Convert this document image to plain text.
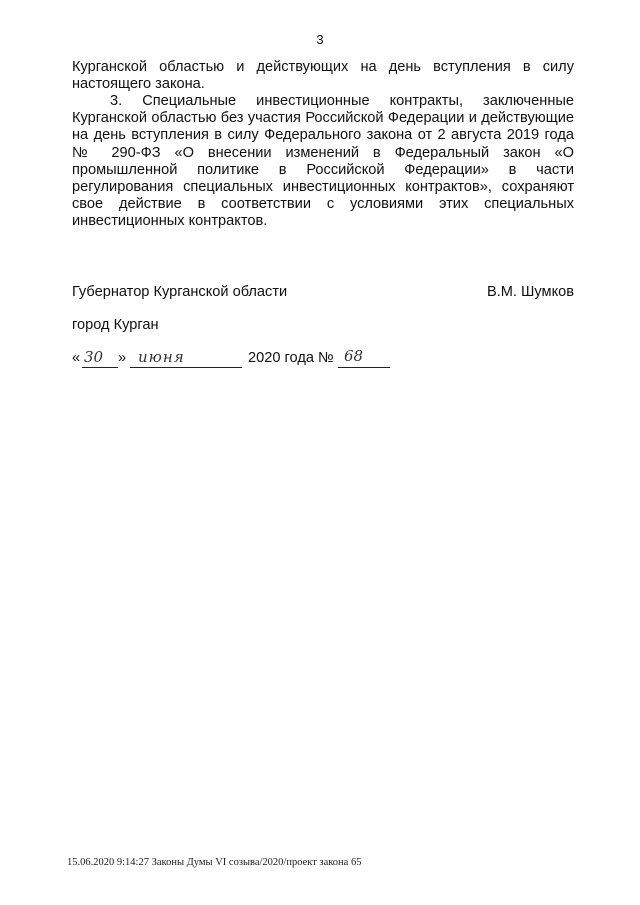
3

Курганской областью и действующих на день вступления в силу настоящего закона.

3. Специальные инвестиционные контракты, заключенные Курганской областью без участия Российской Федерации и действующие на день вступления в силу Федерального закона от 2 августа 2019 года № 290-ФЗ «О внесении изменений в Федеральный закон «О промышленной политике в Российской Федерации» в части регулирования специальных инвестиционных контрактов», сохраняют свое действие в соответствии с условиями этих специальных инвестиционных контрактов.

Губернатор Курганской области	В.М. Шумков
город Курган
« 30 » июня	2020 года № 68
15.06.2020 9:14:27 Законы Думы VI созыва/2020/проект закона 65
